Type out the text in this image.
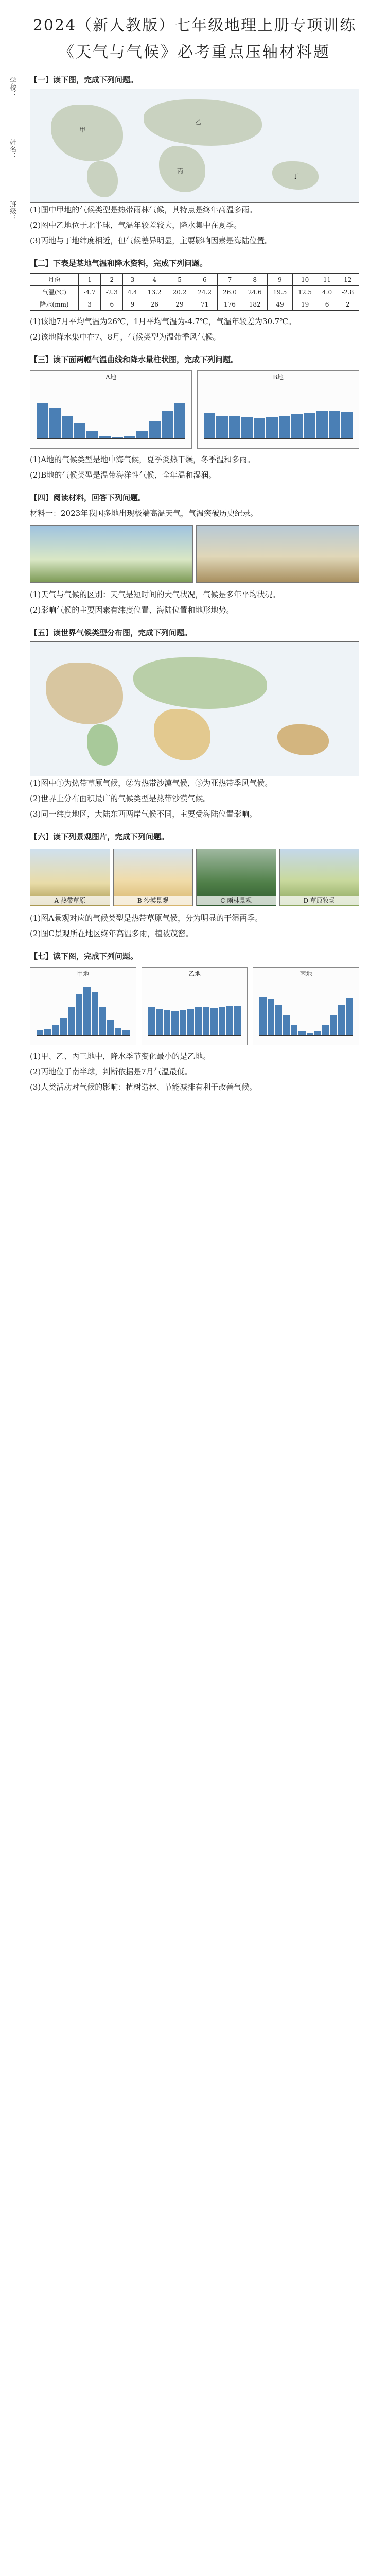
学校：
姓名：
班级：
2024（新人教版）七年级地理上册专项训练
《天气与气候》必考重点压轴材料题

【一】读下图，完成下列问题。

甲
乙
丙
丁

(1)图中甲地的气候类型是热带雨林气候，其特点是终年高温多雨。

(2)图中乙地位于北半球，气温年较差较大，降水集中在夏季。

(3)丙地与丁地纬度相近，但气候差异明显，主要影响因素是海陆位置。

【二】下表是某地气温和降水资料，完成下列问题。

月份	1	2	3	4	5	6	7	8	9	10	11	12
气温(℃)	-4.7	-2.3	4.4	13.2	20.2	24.2	26.0	24.6	19.5	12.5	4.0	-2.8
降水(mm)	3	6	9	26	29	71	176	182	49	19	6	2

(1)该地7月平均气温为26℃，1月平均气温为-4.7℃，气温年较差为30.7℃。

(2)该地降水集中在7、8月，气候类型为温带季风气候。

【三】读下面两幅气温曲线和降水量柱状图，完成下列问题。

A地	B地

(1)A地的气候类型是地中海气候，夏季炎热干燥，冬季温和多雨。

(2)B地的气候类型是温带海洋性气候，全年温和湿润。

【四】阅读材料，回答下列问题。

材料一：2023年我国多地出现极端高温天气，气温突破历史纪录。

(1)天气与气候的区别：天气是短时间的大气状况，气候是多年平均状况。

(2)影响气候的主要因素有纬度位置、海陆位置和地形地势。

【五】读世界气候类型分布图，完成下列问题。

(1)图中①为热带草原气候，②为热带沙漠气候，③为亚热带季风气候。

(2)世界上分布面积最广的气候类型是热带沙漠气候。

(3)同一纬度地区，大陆东西两岸气候不同，主要受海陆位置影响。

【六】读下列景观图片，完成下列问题。

A 热带草原	B 沙漠景观	C 雨林景观	D 草原牧场

(1)图A景观对应的气候类型是热带草原气候，分为明显的干湿两季。

(2)图C景观所在地区终年高温多雨，植被茂密。

【七】读下图，完成下列问题。

甲地	乙地	丙地

(1)甲、乙、丙三地中，降水季节变化最小的是乙地。

(2)丙地位于南半球，判断依据是7月气温最低。

(3)人类活动对气候的影响：植树造林、节能减排有利于改善气候。
